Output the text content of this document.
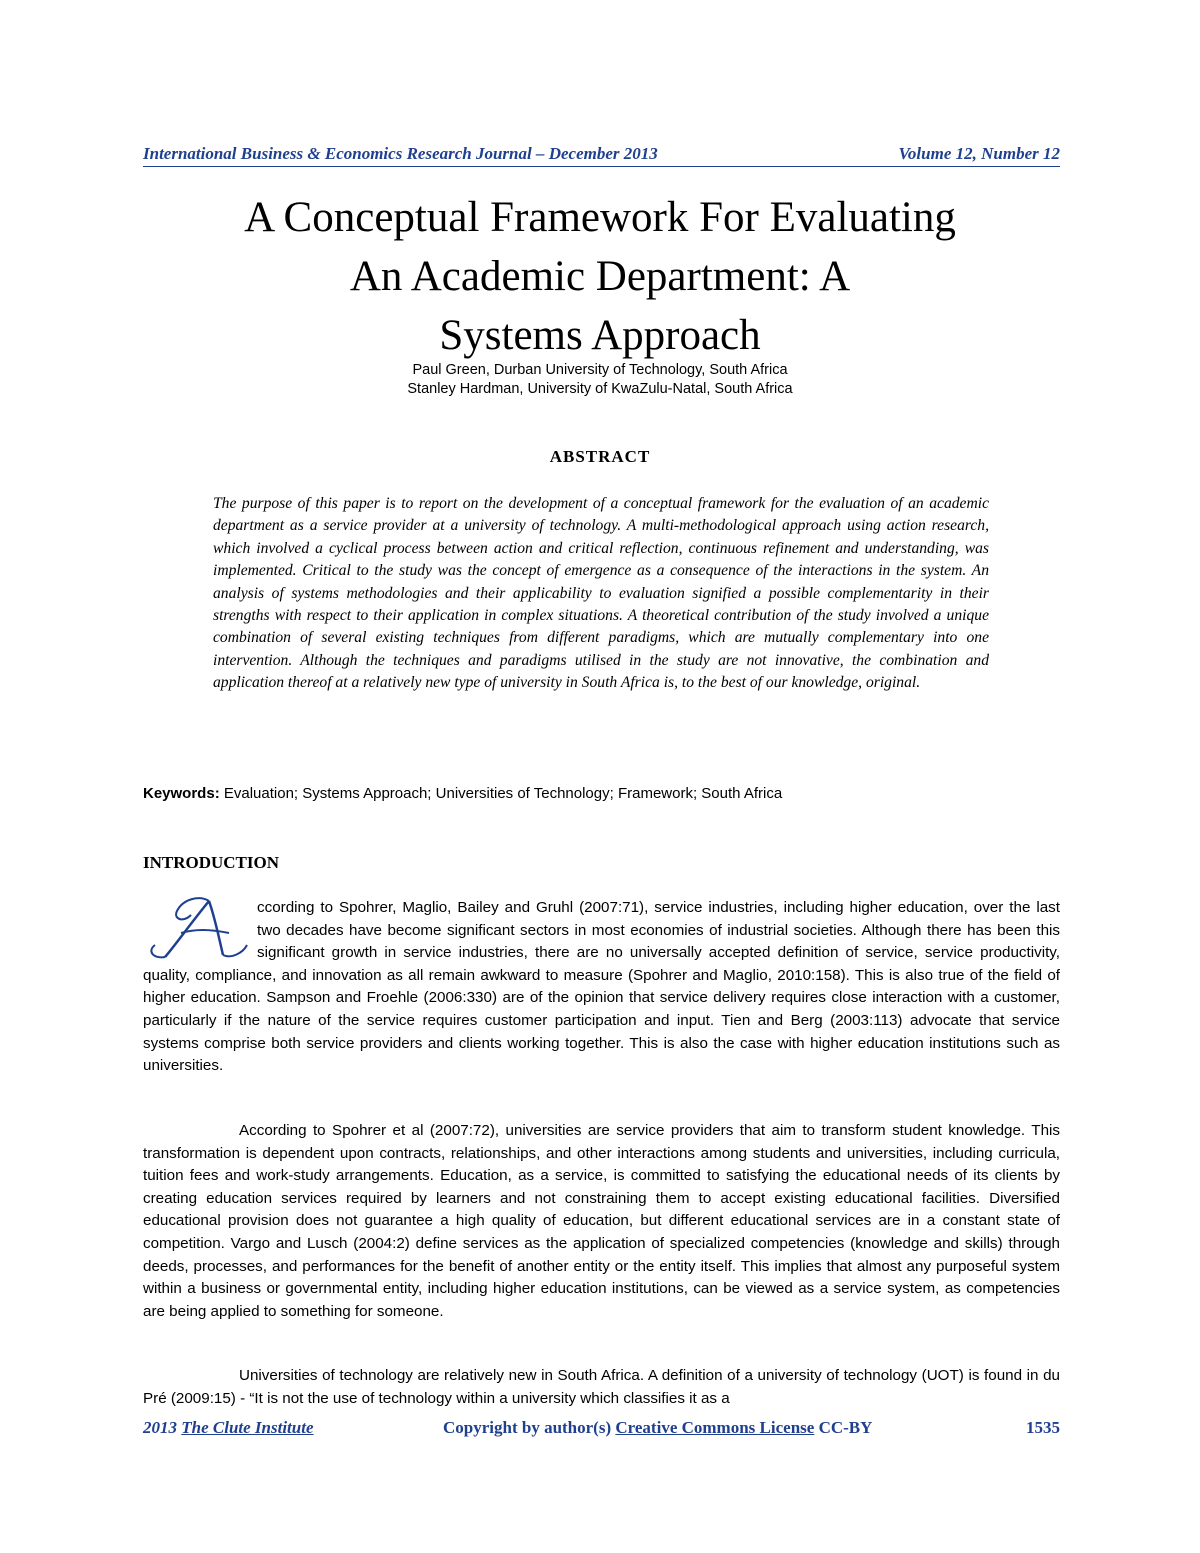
International Business & Economics Research Journal – December 2013	Volume 12, Number 12
A Conceptual Framework For Evaluating
An Academic Department: A
Systems Approach
Paul Green, Durban University of Technology, South Africa
Stanley Hardman, University of KwaZulu-Natal, South Africa
ABSTRACT
The purpose of this paper is to report on the development of a conceptual framework for the evaluation of an academic department as a service provider at a university of technology. A multi-methodological approach using action research, which involved a cyclical process between action and critical reflection, continuous refinement and understanding, was implemented. Critical to the study was the concept of emergence as a consequence of the interactions in the system. An analysis of systems methodologies and their applicability to evaluation signified a possible complementarity in their strengths with respect to their application in complex situations. A theoretical contribution of the study involved a unique combination of several existing techniques from different paradigms, which are mutually complementary into one intervention. Although the techniques and paradigms utilised in the study are not innovative, the combination and application thereof at a relatively new type of university in South Africa is, to the best of our knowledge, original.
Keywords: Evaluation; Systems Approach; Universities of Technology; Framework; South Africa
INTRODUCTION
A
ccording to Spohrer, Maglio, Bailey and Gruhl (2007:71), service industries, including higher education, over the last two decades have become significant sectors in most economies of industrial societies. Although there has been this significant growth in service industries, there are no universally accepted definition of service, service productivity, quality, compliance, and innovation as all remain awkward to measure (Spohrer and Maglio, 2010:158). This is also true of the field of higher education. Sampson and Froehle (2006:330) are of the opinion that service delivery requires close interaction with a customer, particularly if the nature of the service requires customer participation and input. Tien and Berg (2003:113) advocate that service systems comprise both service providers and clients working together. This is also the case with higher education institutions such as universities.
According to Spohrer et al (2007:72), universities are service providers that aim to transform student knowledge. This transformation is dependent upon contracts, relationships, and other interactions among students and universities, including curricula, tuition fees and work-study arrangements. Education, as a service, is committed to satisfying the educational needs of its clients by creating education services required by learners and not constraining them to accept existing educational facilities. Diversified educational provision does not guarantee a high quality of education, but different educational services are in a constant state of competition. Vargo and Lusch (2004:2) define services as the application of specialized competencies (knowledge and skills) through deeds, processes, and performances for the benefit of another entity or the entity itself. This implies that almost any purposeful system within a business or governmental entity, including higher education institutions, can be viewed as a service system, as competencies are being applied to something for someone.
Universities of technology are relatively new in South Africa. A definition of a university of technology (UOT) is found in du Pré (2009:15) - “It is not the use of technology within a university which classifies it as a
2013 The Clute Institute	Copyright by author(s) Creative Commons License CC-BY	1535
